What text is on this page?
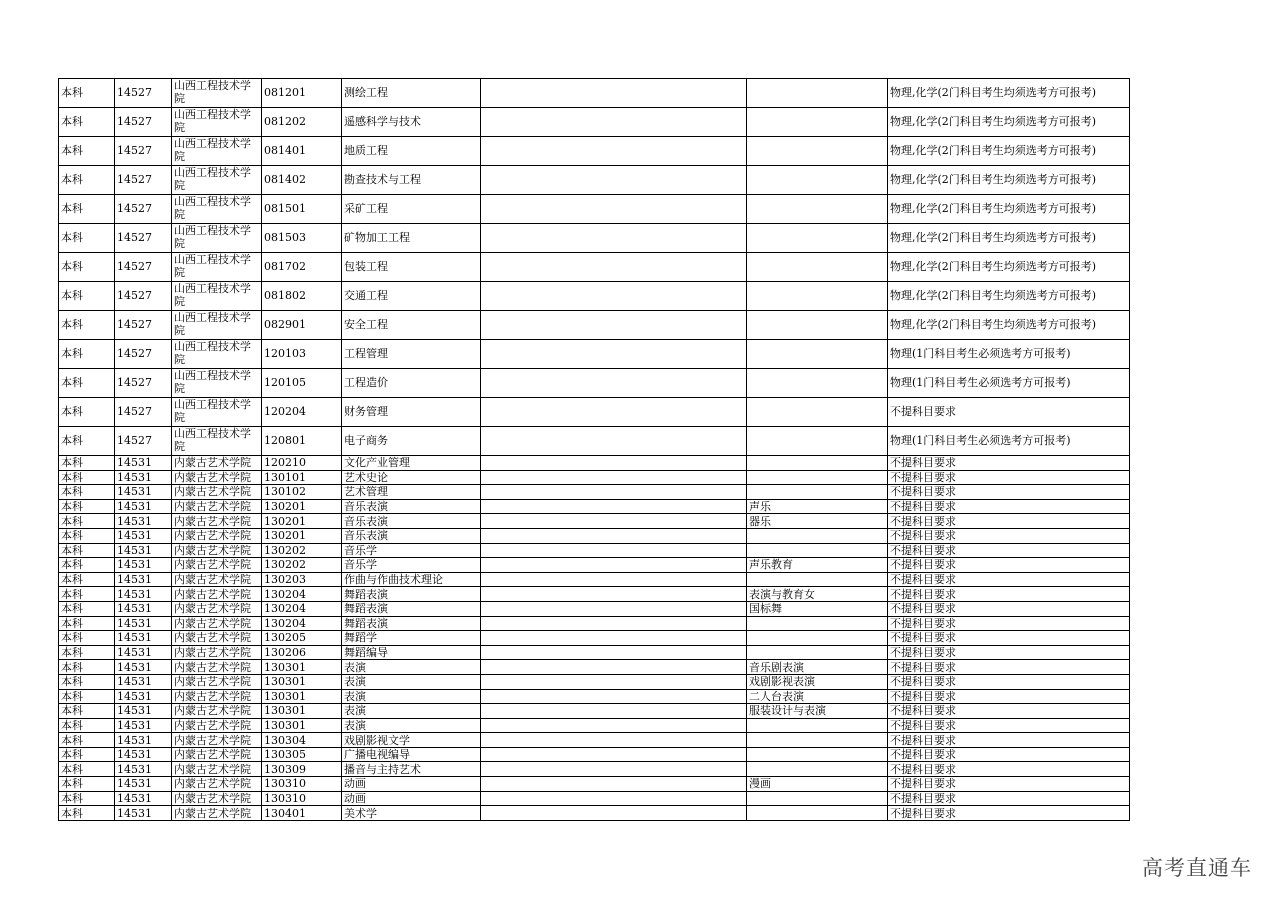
本科	14527	山西工程技术学院	081201	测绘工程			物理,化学(2门科目考生均须选考方可报考)
本科	14527	山西工程技术学院	081202	遥感科学与技术			物理,化学(2门科目考生均须选考方可报考)
本科	14527	山西工程技术学院	081401	地质工程			物理,化学(2门科目考生均须选考方可报考)
本科	14527	山西工程技术学院	081402	勘查技术与工程			物理,化学(2门科目考生均须选考方可报考)
本科	14527	山西工程技术学院	081501	采矿工程			物理,化学(2门科目考生均须选考方可报考)
本科	14527	山西工程技术学院	081503	矿物加工工程			物理,化学(2门科目考生均须选考方可报考)
本科	14527	山西工程技术学院	081702	包装工程			物理,化学(2门科目考生均须选考方可报考)
本科	14527	山西工程技术学院	081802	交通工程			物理,化学(2门科目考生均须选考方可报考)
本科	14527	山西工程技术学院	082901	安全工程			物理,化学(2门科目考生均须选考方可报考)
本科	14527	山西工程技术学院	120103	工程管理			物理(1门科目考生必须选考方可报考)
本科	14527	山西工程技术学院	120105	工程造价			物理(1门科目考生必须选考方可报考)
本科	14527	山西工程技术学院	120204	财务管理			不提科目要求
本科	14527	山西工程技术学院	120801	电子商务			物理(1门科目考生必须选考方可报考)
本科	14531	内蒙古艺术学院	120210	文化产业管理			不提科目要求
本科	14531	内蒙古艺术学院	130101	艺术史论			不提科目要求
本科	14531	内蒙古艺术学院	130102	艺术管理			不提科目要求
本科	14531	内蒙古艺术学院	130201	音乐表演		声乐	不提科目要求
本科	14531	内蒙古艺术学院	130201	音乐表演		器乐	不提科目要求
本科	14531	内蒙古艺术学院	130201	音乐表演			不提科目要求
本科	14531	内蒙古艺术学院	130202	音乐学			不提科目要求
本科	14531	内蒙古艺术学院	130202	音乐学		声乐教育	不提科目要求
本科	14531	内蒙古艺术学院	130203	作曲与作曲技术理论			不提科目要求
本科	14531	内蒙古艺术学院	130204	舞蹈表演		表演与教育女	不提科目要求
本科	14531	内蒙古艺术学院	130204	舞蹈表演		国标舞	不提科目要求
本科	14531	内蒙古艺术学院	130204	舞蹈表演			不提科目要求
本科	14531	内蒙古艺术学院	130205	舞蹈学			不提科目要求
本科	14531	内蒙古艺术学院	130206	舞蹈编导			不提科目要求
本科	14531	内蒙古艺术学院	130301	表演		音乐剧表演	不提科目要求
本科	14531	内蒙古艺术学院	130301	表演		戏剧影视表演	不提科目要求
本科	14531	内蒙古艺术学院	130301	表演		二人台表演	不提科目要求
本科	14531	内蒙古艺术学院	130301	表演		服装设计与表演	不提科目要求
本科	14531	内蒙古艺术学院	130301	表演			不提科目要求
本科	14531	内蒙古艺术学院	130304	戏剧影视文学			不提科目要求
本科	14531	内蒙古艺术学院	130305	广播电视编导			不提科目要求
本科	14531	内蒙古艺术学院	130309	播音与主持艺术			不提科目要求
本科	14531	内蒙古艺术学院	130310	动画		漫画	不提科目要求
本科	14531	内蒙古艺术学院	130310	动画			不提科目要求
本科	14531	内蒙古艺术学院	130401	美术学			不提科目要求
高考直通车
